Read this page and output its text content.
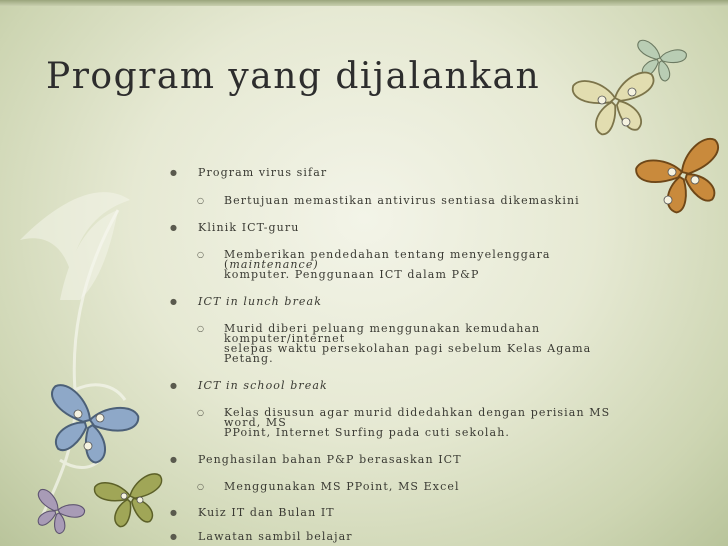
Program yang dijalankan
● Program virus sifar
○ Bertujuan memastikan antivirus sentiasa dikemaskini
● Klinik ICT-guru
○ Memberikan pendedahan tentang menyelenggara (maintenance)
komputer. Penggunaan ICT dalam P&P
● ICT in lunch break
○ Murid diberi peluang menggunakan kemudahan komputer/internet
selepas waktu persekolahan pagi sebelum Kelas Agama Petang.
● ICT in school break
○ Kelas disusun agar murid didedahkan dengan perisian MS word, MS
PPoint, Internet Surfing pada cuti sekolah.
● Penghasilan bahan P&P berasaskan ICT
○ Menggunakan MS PPoint, MS Excel
● Kuiz IT dan Bulan IT
● Lawatan sambil belajar
